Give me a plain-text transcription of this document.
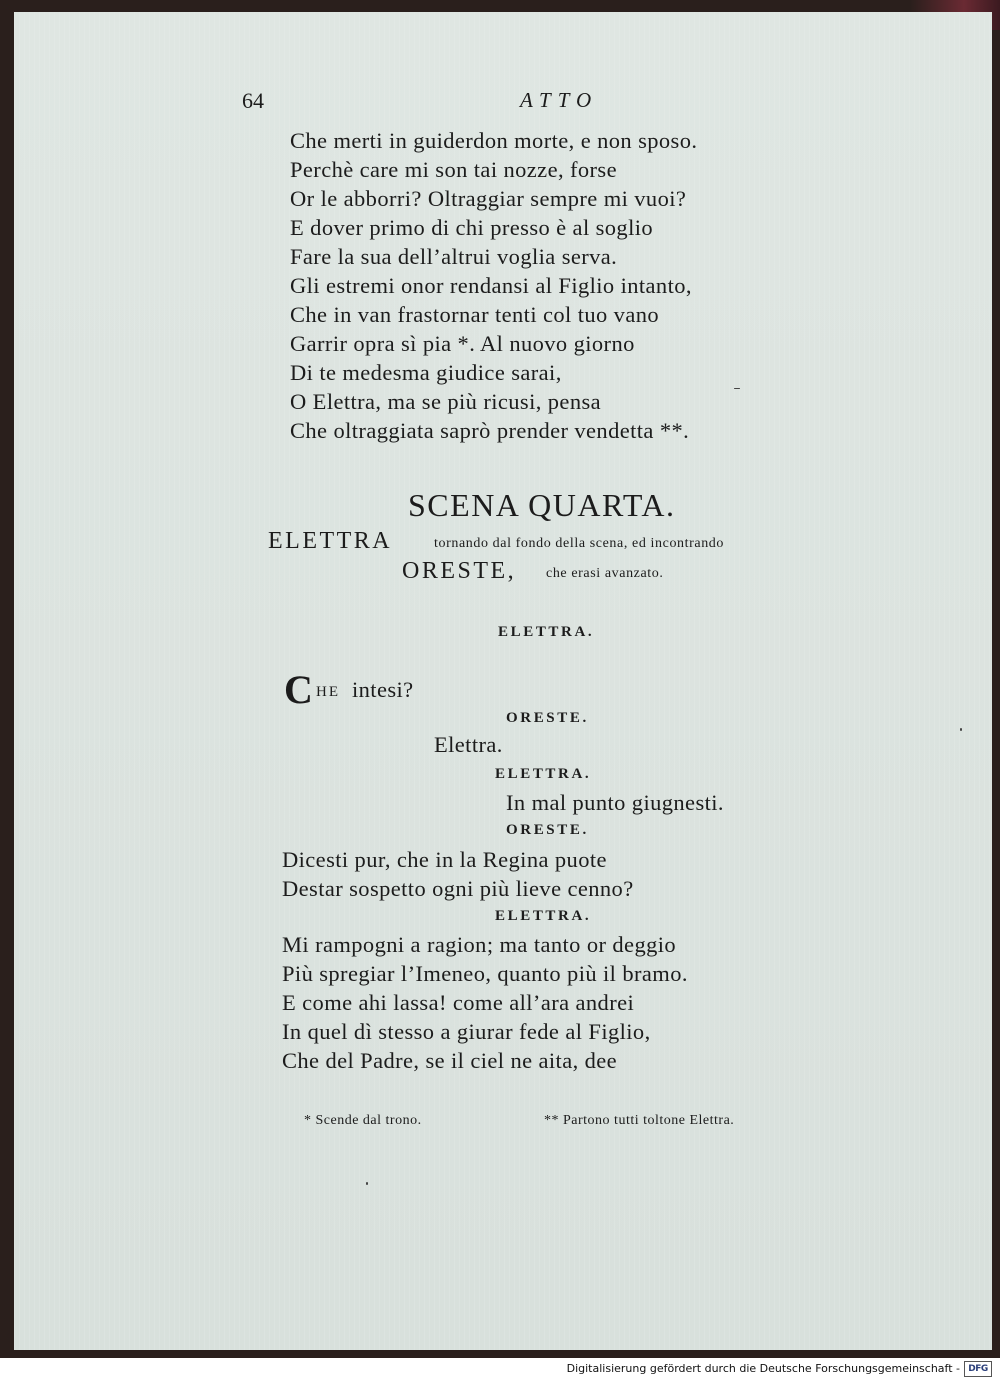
64	ATTO
Che merti in guiderdon morte, e non sposo.
Perchè care mi son tai nozze, forse
Or le abborri? Oltraggiar sempre mi vuoi?
E dover primo di chi presso è al soglio
Fare la sua dell’altrui voglia serva.
Gli estremi onor rendansi al Figlio intanto,
Che in van frastornar tenti col tuo vano
Garrir opra sì pia *. Al nuovo giorno
Di te medesma giudice sarai,
O Elettra, ma se più ricusi, pensa
Che oltraggiata saprò prender vendetta **.
SCENA QUARTA.
ELETTRA	tornando dal fondo della scena, ed incontrando
ORESTE, che erasi avanzato.
ELETTRA.
C HE intesi?
ORESTE.
Elettra.
ELETTRA.
In mal punto giugnesti.
ORESTE.
Dicesti pur, che in la Regina puote
Destar sospetto ogni più lieve cenno?
ELETTRA.
Mi rampogni a ragion; ma tanto or deggio
Più spregiar l’Imeneo, quanto più il bramo.
E come ahi lassa! come all’ara andrei
In quel dì stesso a giurar fede al Figlio,
Che del Padre, se il ciel ne aita, dee
* Scende dal trono.	** Partono tutti toltone Elettra.
Digitalisierung gefördert durch die Deutsche Forschungsgemeinschaft - DFG
